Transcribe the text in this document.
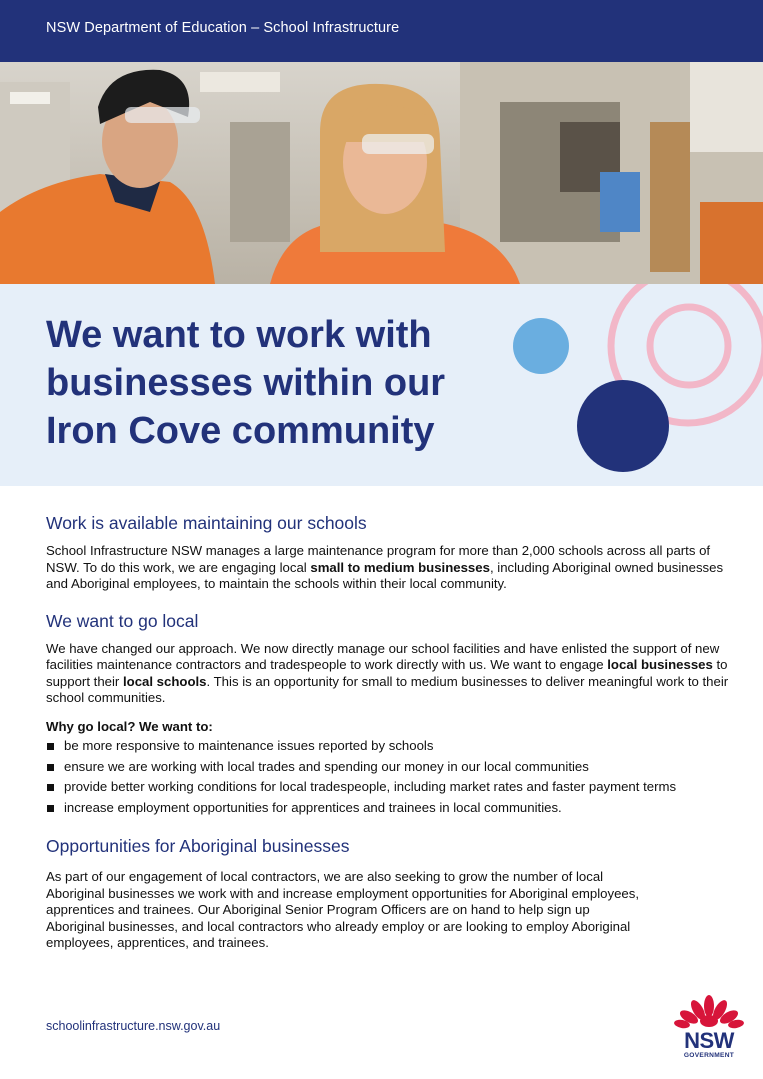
NSW Department of Education – School Infrastructure
We want to work with
businesses within our
Iron Cove community
Work is available maintaining our schools

School Infrastructure NSW manages a large maintenance program for more than 2,000 schools across all parts of NSW. To do this work, we are engaging local small to medium businesses, including Aboriginal owned businesses and Aboriginal employees, to maintain the schools within their local community.

We want to go local

We have changed our approach. We now directly manage our school facilities and have enlisted the support of new facilities maintenance contractors and tradespeople to work directly with us. We want to engage local businesses to support their local schools. This is an opportunity for small to medium businesses to deliver meaningful work to their school communities.

Why go local? We want to:

be more responsive to maintenance issues reported by schools
ensure we are working with local trades and spending our money in our local communities
provide better working conditions for local tradespeople, including market rates and faster payment terms
increase employment opportunities for apprentices and trainees in local communities.
Opportunities for Aboriginal businesses

As part of our engagement of local contractors, we are also seeking to grow the number of local Aboriginal businesses we work with and increase employment opportunities for Aboriginal employees, apprentices and trainees. Our Aboriginal Senior Program Officers are on hand to help sign up Aboriginal businesses, and local contractors who already employ or are looking to employ Aboriginal employees, apprentices, and trainees.

schoolinfrastructure.nsw.gov.au
NSW
GOVERNMENT
